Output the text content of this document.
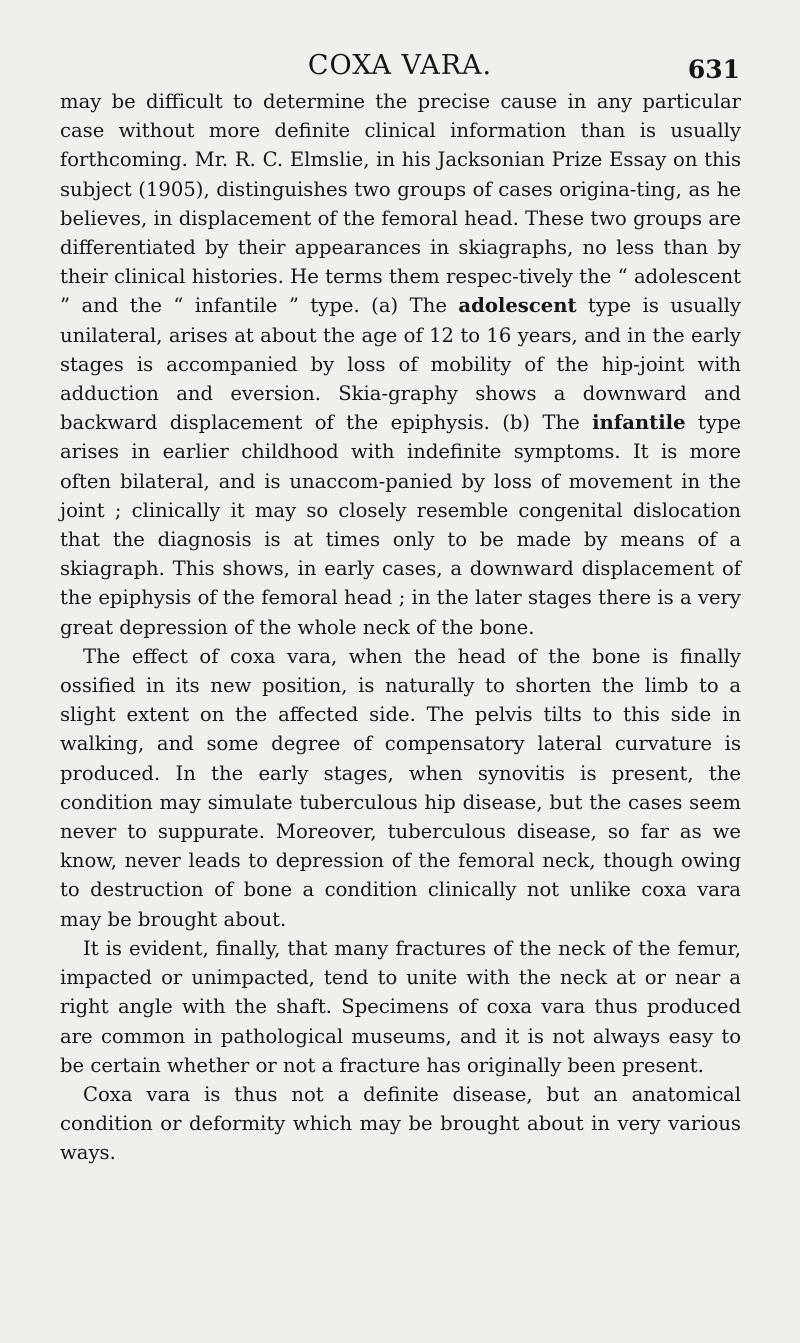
COXA VARA.	631

may be difficult to determine the precise cause in any particular case without more definite clinical information than is usually forthcoming. Mr. R. C. Elmslie, in his Jacksonian Prize Essay on this subject (1905), distinguishes two groups of cases origina-ting, as he believes, in displacement of the femoral head. These two groups are differentiated by their appearances in skiagraphs, no less than by their clinical histories. He terms them respec-tively the “ adolescent ” and the “ infantile ” type. (a) The adolescent type is usually unilateral, arises at about the age of 12 to 16 years, and in the early stages is accompanied by loss of mobility of the hip-joint with adduction and eversion. Skia-graphy shows a downward and backward displacement of the epiphysis. (b) The infantile type arises in earlier childhood with indefinite symptoms. It is more often bilateral, and is unaccom-panied by loss of movement in the joint ; clinically it may so closely resemble congenital dislocation that the diagnosis is at times only to be made by means of a skiagraph. This shows, in early cases, a downward displacement of the epiphysis of the femoral head ; in the later stages there is a very great depression of the whole neck of the bone.

The effect of coxa vara, when the head of the bone is finally ossified in its new position, is naturally to shorten the limb to a slight extent on the affected side. The pelvis tilts to this side in walking, and some degree of compensatory lateral curvature is produced. In the early stages, when synovitis is present, the condition may simulate tuberculous hip disease, but the cases seem never to suppurate. Moreover, tuberculous disease, so far as we know, never leads to depression of the femoral neck, though owing to destruction of bone a condition clinically not unlike coxa vara may be brought about.

It is evident, finally, that many fractures of the neck of the femur, impacted or unimpacted, tend to unite with the neck at or near a right angle with the shaft. Specimens of coxa vara thus produced are common in pathological museums, and it is not always easy to be certain whether or not a fracture has originally been present.

Coxa vara is thus not a definite disease, but an anatomical condition or deformity which may be brought about in very various ways.
